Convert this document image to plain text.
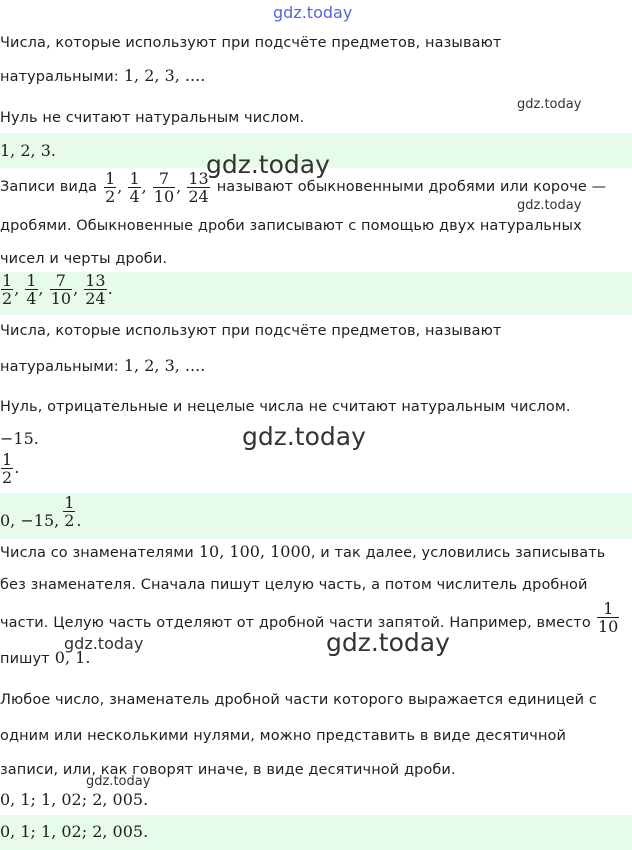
gdz.today
Числа, которые используют при подсчёте предметов, называют
натуральными: 1, 2, 3, ....
Нуль не считают натуральным числом.
gdz.today
1, 2, 3.
Записи вида $\frac{1}{2}$ , $\frac{1}{4}$ , $\frac{7}{10}$ , $\frac{13}{24}$ называют обыкновенными дробями или короче —
gdz.today
gdz.today
дробями. Обыкновенные дроби записывают с помощью двух натуральных
чисел и черты дроби.
$\frac{1}{2}$ , $\frac{1}{4}$ , $\frac{7}{10}$ , $\frac{13}{24}$ .
Числа, которые используют при подсчёте предметов, называют
натуральными: 1, 2, 3, ....
Нуль, отрицательные и нецелые числа не считают натуральным числом.
−15.	gdz.today
$\frac{1}{2}$ .
0, −15, $\frac{1}{2}$ .
Числа со знаменателями 10, 100, 1000, и так далее, условились записывать
без знаменателя. Сначала пишут целую часть, а потом числитель дробной
части. Целую часть отделяют от дробной части запятой. Например, вместо $\frac{1}{10}$
пишут 0, 1.
gdz.today	gdz.today
Любое число, знаменатель дробной части которого выражается единицей с
одним или несколькими нулями, можно представить в виде десятичной
записи, или, как говорят иначе, в виде десятичной дроби.
gdz.today
0, 1; 1, 02; 2, 005.
0, 1; 1, 02; 2, 005.
